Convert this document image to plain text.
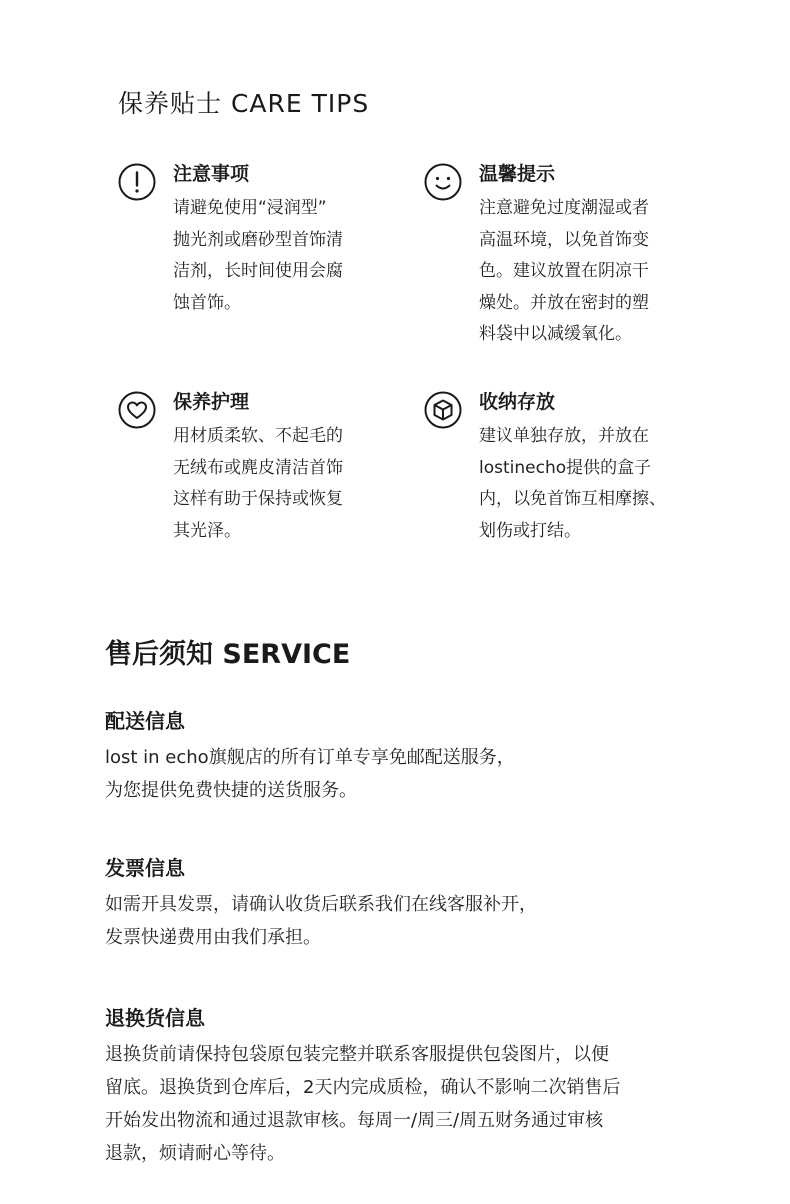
保养贴士 CARE TIPS
注意事项

请避免使用“浸润型”
抛光剂或磨砂型首饰清
洁剂，长时间使用会腐
蚀首饰。

温馨提示

注意避免过度潮湿或者
高温环境，以免首饰变
色。建议放置在阴凉干
燥处。并放在密封的塑
料袋中以减缓氧化。

保养护理

用材质柔软、不起毛的
无绒布或麂皮清洁首饰
这样有助于保持或恢复
其光泽。

收纳存放

建议单独存放，并放在
lostinecho提供的盒子
内，以免首饰互相摩擦、
划伤或打结。

售后须知 SERVICE
配送信息

lost in echo旗舰店的所有订单专享免邮配送服务，
为您提供免费快捷的送货服务。

发票信息

如需开具发票，请确认收货后联系我们在线客服补开，
发票快递费用由我们承担。

退换货信息

退换货前请保持包袋原包装完整并联系客服提供包袋图片，以便
留底。退换货到仓库后，2天内完成质检，确认不影响二次销售后
开始发出物流和通过退款审核。每周一/周三/周五财务通过审核
退款，烦请耐心等待。
